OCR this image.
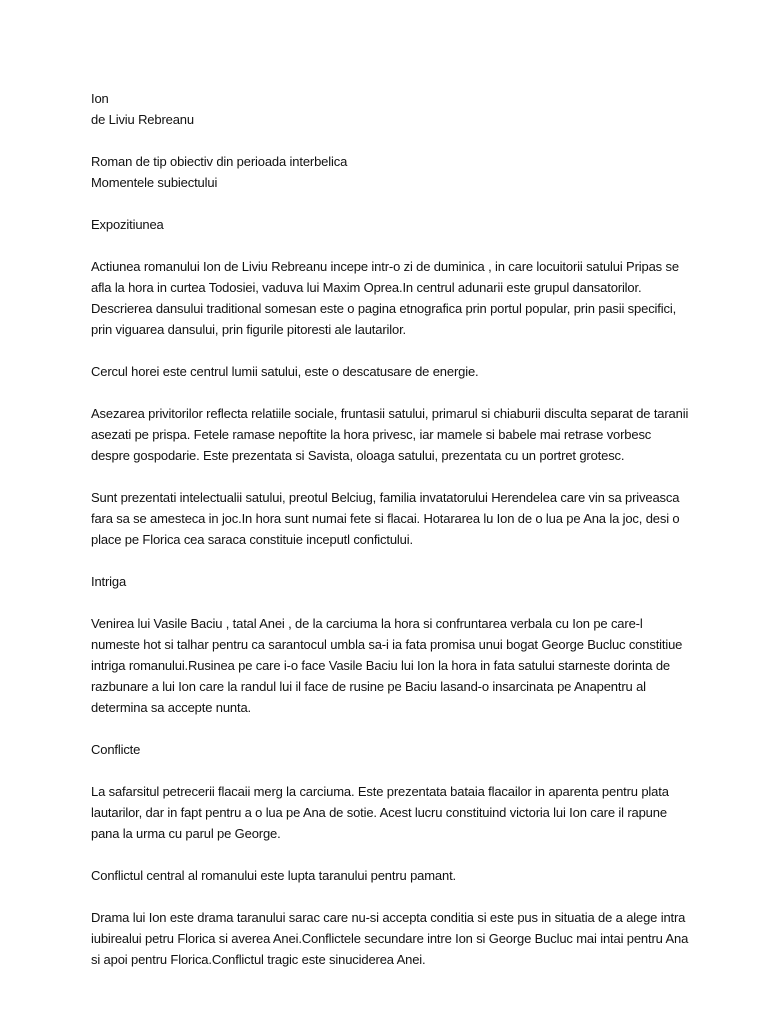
Ion

de Liviu Rebreanu

Roman de tip obiectiv din perioada interbelica

Momentele subiectului

Expozitiunea

Actiunea romanului Ion de Liviu Rebreanu incepe intr-o zi de duminica , in care locuitorii satului Pripas se afla la hora in curtea Todosiei, vaduva lui Maxim Oprea.In centrul adunarii este grupul dansatorilor. Descrierea dansului traditional somesan este o pagina etnografica prin portul popular, prin pasii specifici, prin viguarea dansului, prin figurile pitoresti ale lautarilor.

Cercul horei este centrul lumii satului, este o descatusare de energie.

Asezarea privitorilor reflecta relatiile sociale, fruntasii satului, primarul si chiaburii disculta separat de taranii asezati pe prispa. Fetele ramase nepoftite la hora privesc, iar mamele si babele mai retrase vorbesc despre gospodarie. Este prezentata si Savista, oloaga satului, prezentata cu un portret grotesc.

Sunt prezentati intelectualii satului, preotul Belciug, familia invatatorului Herendelea care vin sa priveasca fara sa se amesteca in joc.In hora sunt numai fete si flacai. Hotararea lu Ion de o lua pe Ana la joc, desi o place pe Florica cea saraca constituie inceputl confictului.

Intriga

Venirea lui Vasile Baciu , tatal Anei , de la carciuma la hora si confruntarea verbala cu Ion pe care-l numeste hot si talhar pentru ca sarantocul umbla sa-i ia fata promisa unui bogat George Bucluc constitiue intriga romanului.Rusinea pe care i-o face Vasile Baciu lui Ion la hora in fata satului starneste dorinta de razbunare a lui Ion care la randul lui il face de rusine pe Baciu lasand-o insarcinata pe Anapentru al determina sa accepte nunta.

Conflicte

La safarsitul petrecerii flacaii merg la carciuma. Este prezentata bataia flacailor in aparenta pentru plata lautarilor, dar in fapt pentru a o lua pe Ana de sotie. Acest lucru constituind victoria lui Ion care il rapune pana la urma cu parul pe George.

Conflictul central al romanului este lupta taranului pentru pamant.

Drama lui Ion este drama taranului sarac care nu-si accepta conditia si este pus in situatia de a alege intra iubirealui petru Florica si averea Anei.Conflictele secundare intre Ion si George Bucluc mai intai pentru Ana si apoi pentru Florica.Conflictul tragic este sinuciderea Anei.
